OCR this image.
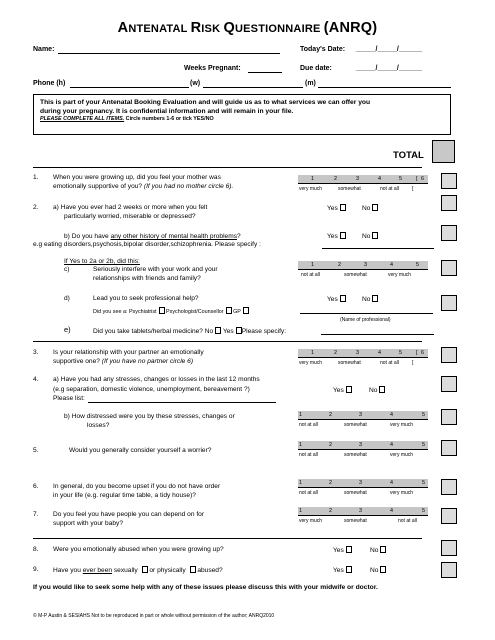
ANTENATAL RISK QUESTIONNAIRE (ANRQ)
Name:	Today's Date: _____/_____/______
Weeks Pregnant:	Due date:	_____/_____/______
Phone (h)	(w)	(m)
This is part of your Antenatal Booking Evaluation and will guide us as to what services we can offer you
during your pregnancy. It is confidential information and will remain in your file.
PLEASE COMPLETE ALL ITEMS. Circle numbers 1-6 or tick YES/NO
TOTAL
1. When you were growing up, did you feel your mother was
emotionally supportive of you? (If you had no mother circle 6).
1	2	3	4	5	[ 6
very much	somewhat	not at all	[
2. a) Have you ever had 2 weeks or more when you felt
particularly worried, miserable or depressed?
Yes	No
b) Do you have any other history of mental health problems?
e.g eating disorders,psychosis,bipolar disorder,schizophrenia. Please specify :
Yes	No
If Yes to 2a or 2b, did this:
c)	Seriously interfere with your work and your
relationships with friends and family?
1	2	3	4	5
not at all	somewhat	very much
d)	Lead you to seek professional help?	Yes	No
Did you see a: Psychiatrist Psychologist/Counsellor GP
(Name of professional)
e)	Did you take tablets/herbal medicine? No Yes Please specify:
3. Is your relationship with your partner an emotionally
supportive one? (If you have no partner circle 6)
1	2	3	4	5	[ 6
very much	somewhat	not at all	[
4. a) Have you had any stresses, changes or losses in the last 12 months
(e.g separation, domestic violence, unemployment, bereavement ?)
Please list:
Yes	No
b) How distressed were you by these stresses, changes or
losses?
1	2	3	4	5
not at all	somewhat	very much
5.	Would you generally consider yourself a worrier?
1	2	3	4	5
not at all	somewhat	very much
6. In general, do you become upset if you do not have order
in your life (e.g. regular time table, a tidy house)?
1	2	3	4	5
not at all	somewhat	very much
7. Do you feel you have people you can depend on for
support with your baby?
1	2	3	4	5
very much	somewhat	not at all
8. Were you emotionally abused when you were growing up?	Yes	No
9. Have you ever been sexually  or physically  abused?	Yes	No
If you would like to seek some help with any of these issues please discuss this with your midwife or doctor.
© M-P Austin & SESIAHS Not to be reproduced in part or whole without permission of the author; ANRQ2010
